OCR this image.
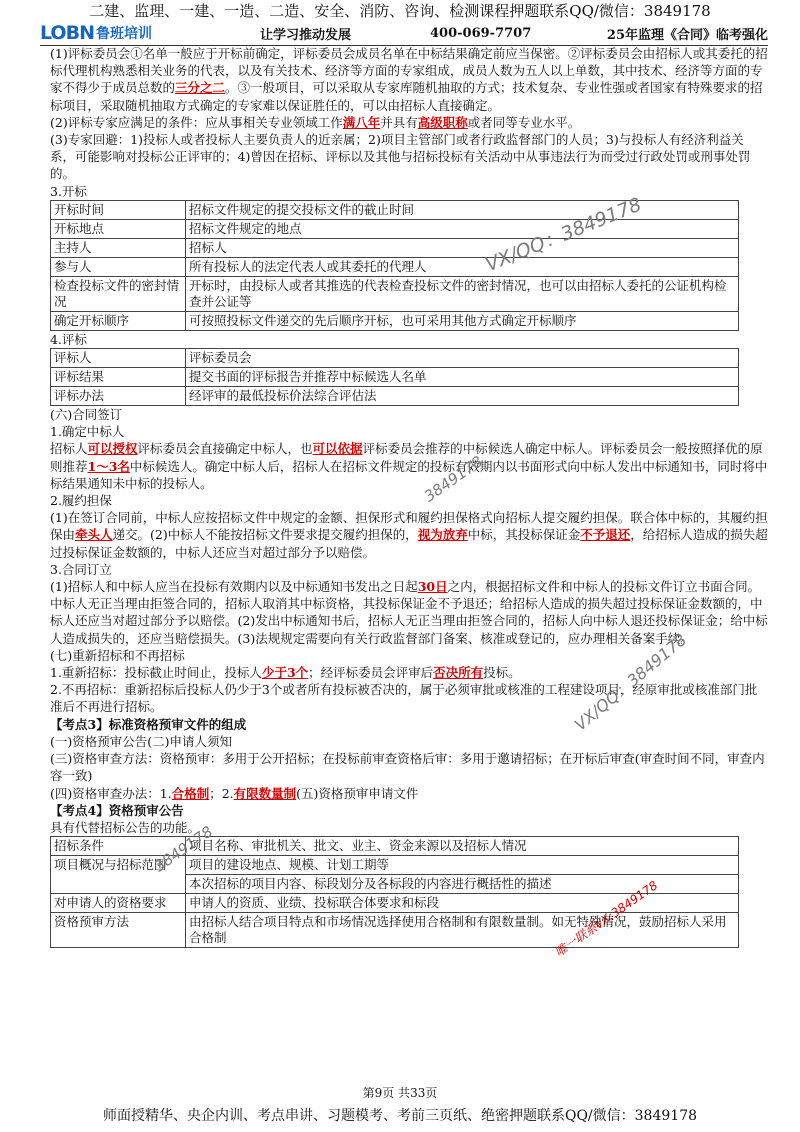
二建、监理、一建、一造、二造、安全、消防、咨询、检测课程押题联系QQ/微信：3849178
LOBN 鲁班培训	让学习推动发展	400-069-7707	25年监理《合同》临考强化

(1)评标委员会①名单一般应于开标前确定，评标委员会成员名单在中标结果确定前应当保密。②评标委员会由招标人或其委托的招标代理机构熟悉相关业务的代表，以及有关技术、经济等方面的专家组成，成员人数为五人以上单数，其中技术、经济等方面的专家不得少于成员总数的三分之二。③一般项目，可以采取从专家库随机抽取的方式；技术复杂、专业性强或者国家有特殊要求的招标项目，采取随机抽取方式确定的专家难以保证胜任的，可以由招标人直接确定。

(2)评标专家应满足的条件：应从事相关专业领域工作满八年并具有高级职称或者同等专业水平。

(3)专家回避：1)投标人或者投标人主要负责人的近亲属；2)项目主管部门或者行政监督部门的人员；3)与投标人有经济利益关系，可能影响对投标公正评审的；4)曾因在招标、评标以及其他与招标投标有关活动中从事违法行为而受过行政处罚或刑事处罚的。

3.开标

开标时间	招标文件规定的提交投标文件的截止时间
开标地点	招标文件规定的地点
主持人	招标人
参与人	所有投标人的法定代表人或其委托的代理人
检查投标文件的密封情况	开标时，由投标人或者其推选的代表检查投标文件的密封情况，也可以由招标人委托的公证机构检查并公证等
确定开标顺序	可按照投标文件递交的先后顺序开标，也可采用其他方式确定开标顺序

4.评标

评标人	评标委员会
评标结果	提交书面的评标报告并推荐中标候选人名单
评标办法	经评审的最低投标价法综合评估法

(六)合同签订

1.确定中标人

招标人可以授权评标委员会直接确定中标人，也可以依据评标委员会推荐的中标候选人确定中标人。评标委员会一般按照择优的原则推荐1～3名中标候选人。确定中标人后，招标人在招标文件规定的投标有效期内以书面形式向中标人发出中标通知书，同时将中标结果通知未中标的投标人。

2.履约担保

(1)在签订合同前，中标人应按招标文件中规定的金额、担保形式和履约担保格式向招标人提交履约担保。联合体中标的，其履约担保由牵头人递交。(2)中标人不能按招标文件要求提交履约担保的，视为放弃中标，其投标保证金不予退还，给招标人造成的损失超过投标保证金数额的，中标人还应当对超过部分予以赔偿。

3.合同订立

(1)招标人和中标人应当在投标有效期内以及中标通知书发出之日起30日之内，根据招标文件和中标人的投标文件订立书面合同。中标人无正当理由拒签合同的，招标人取消其中标资格，其投标保证金不予退还；给招标人造成的损失超过投标保证金数额的，中标人还应当对超过部分予以赔偿。(2)发出中标通知书后，招标人无正当理由拒签合同的，招标人向中标人退还投标保证金；给中标人造成损失的，还应当赔偿损失。(3)法规规定需要向有关行政监督部门备案、核准或登记的，应办理相关备案手续。

(七)重新招标和不再招标

1.重新招标：投标截止时间止，投标人少于3个；经评标委员会评审后否决所有投标。

2.不再招标：重新招标后投标人仍少于3个或者所有投标被否决的，属于必须审批或核准的工程建设项目，经原审批或核准部门批准后不再进行招标。

【考点3】标准资格预审文件的组成

(一)资格预审公告(二)申请人须知

(三)资格审查方法：资格预审：多用于公开招标；在投标前审查资格后审：多用于邀请招标；在开标后审查(审查时间不同，审查内容一致)

(四)资格审查办法：1.合格制；2.有限数量制(五)资格预审申请文件

【考点4】资格预审公告

具有代替招标公告的功能。

招标条件	项目名称、审批机关、批文、业主、资金来源以及招标人情况
项目概况与招标范围	项目的建设地点、规模、计划工期等
	本次招标的项目内容、标段划分及各标段的内容进行概括性的描述
对申请人的资格要求	申请人的资质、业绩、投标联合体要求和标段
资格预审方法	由招标人结合项目特点和市场情况选择使用合格制和有限数量制。如无特殊情况，鼓励招标人采用合格制
VX/QQ：3849178
3849178
VX/QQ：3849178
3849178
唯一联系VX:3849178
第9页 共33页
师面授精华、央企内训、考点串讲、习题模考、考前三页纸、绝密押题联系QQ/微信：3849178
